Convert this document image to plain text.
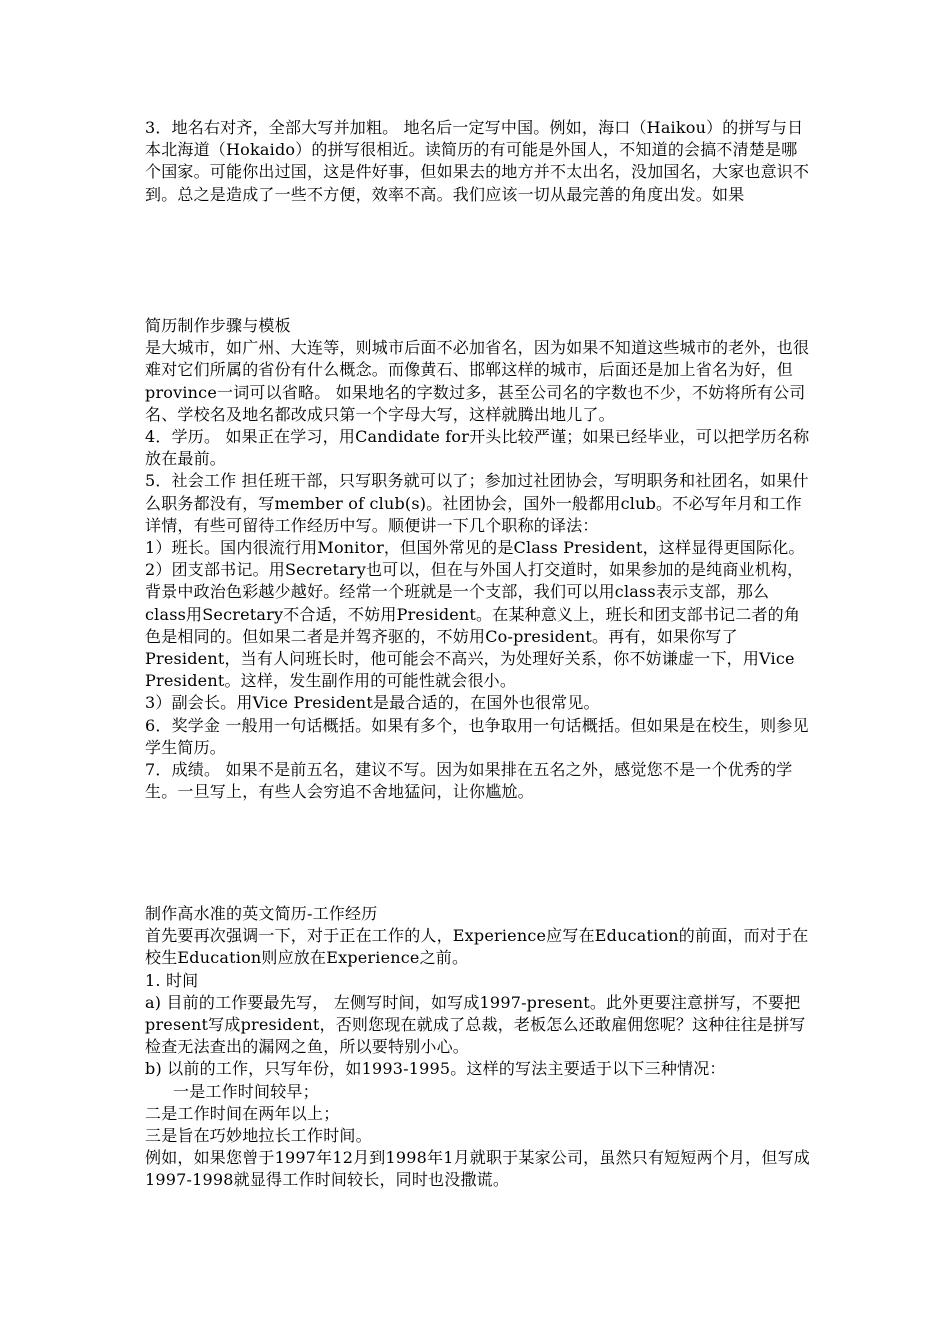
3．地名右对齐，全部大写并加粗。 地名后一定写中国。例如，海口（Haikou）的拼写与日本北海道（Hokaido）的拼写很相近。读简历的有可能是外国人，不知道的会搞不清楚是哪个国家。可能你出过国，这是件好事，但如果去的地方并不太出名，没加国名，大家也意识不到。总之是造成了一些不方便，效率不高。我们应该一切从最完善的角度出发。如果

简历制作步骤与模板

是大城市，如广州、大连等，则城市后面不必加省名，因为如果不知道这些城市的老外，也很难对它们所属的省份有什么概念。而像黄石、邯郸这样的城市，后面还是加上省名为好，但province一词可以省略。 如果地名的字数过多，甚至公司名的字数也不少，不妨将所有公司名、学校名及地名都改成只第一个字母大写，这样就腾出地儿了。

4．学历。 如果正在学习，用Candidate for开头比较严谨；如果已经毕业，可以把学历名称放在最前。

5．社会工作 担任班干部，只写职务就可以了；参加过社团协会，写明职务和社团名，如果什么职务都没有，写member of club(s)。社团协会，国外一般都用club。不必写年月和工作详情，有些可留待工作经历中写。顺便讲一下几个职称的译法：

1）班长。国内很流行用Monitor，但国外常见的是Class President，这样显得更国际化。

2）团支部书记。用Secretary也可以，但在与外国人打交道时，如果参加的是纯商业机构，背景中政治色彩越少越好。经常一个班就是一个支部，我们可以用class表示支部，那么class用Secretary不合适，不妨用President。在某种意义上，班长和团支部书记二者的角色是相同的。但如果二者是并驾齐驱的，不妨用Co-president。再有，如果你写了President，当有人问班长时，他可能会不高兴，为处理好关系，你不妨谦虚一下，用Vice President。这样，发生副作用的可能性就会很小。

3）副会长。用Vice President是最合适的，在国外也很常见。

6．奖学金 一般用一句话概括。如果有多个，也争取用一句话概括。但如果是在校生，则参见学生简历。

7．成绩。 如果不是前五名，建议不写。因为如果排在五名之外，感觉您不是一个优秀的学生。一旦写上，有些人会穷追不舍地猛问，让你尴尬。

制作高水准的英文简历-工作经历

首先要再次强调一下，对于正在工作的人，Experience应写在Education的前面，而对于在校生Education则应放在Experience之前。

1. 时间

a) 目前的工作要最先写， 左侧写时间，如写成1997-present。此外更要注意拼写，不要把present写成president，否则您现在就成了总裁，老板怎么还敢雇佣您呢？这种往往是拼写检查无法查出的漏网之鱼，所以要特别小心。

b) 以前的工作，只写年份，如1993-1995。这样的写法主要适于以下三种情况：

一是工作时间较早；

二是工作时间在两年以上；

三是旨在巧妙地拉长工作时间。

例如，如果您曾于1997年12月到1998年1月就职于某家公司，虽然只有短短两个月，但写成1997-1998就显得工作时间较长，同时也没撒谎。
